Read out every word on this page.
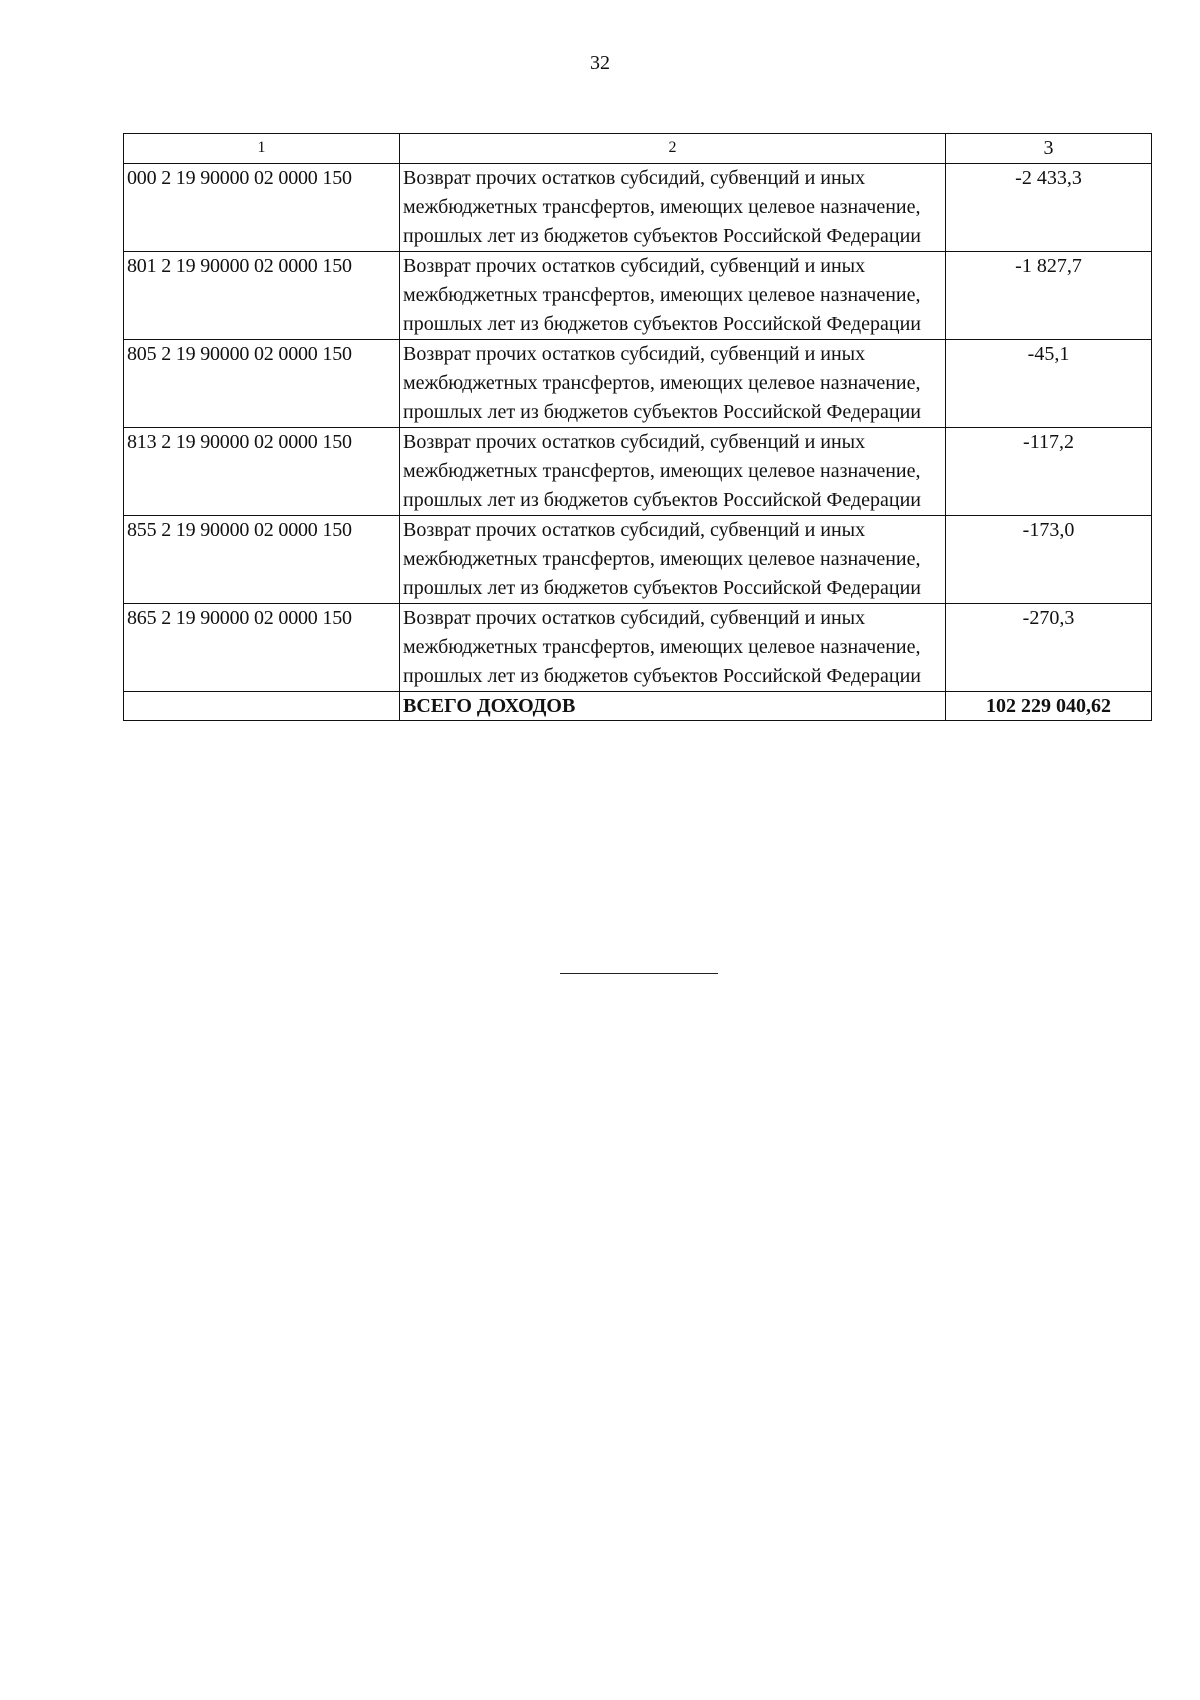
32
1	2	3
000 2 19 90000 02 0000 150	Возврат прочих остатков субсидий, субвенций и иных межбюджетных трансфертов, имеющих целевое назначение, прошлых лет из бюджетов субъектов Российской Федерации	-2 433,3
801 2 19 90000 02 0000 150	Возврат прочих остатков субсидий, субвенций и иных межбюджетных трансфертов, имеющих целевое назначение, прошлых лет из бюджетов субъектов Российской Федерации	-1 827,7
805 2 19 90000 02 0000 150	Возврат прочих остатков субсидий, субвенций и иных межбюджетных трансфертов, имеющих целевое назначение, прошлых лет из бюджетов субъектов Российской Федерации	-45,1
813 2 19 90000 02 0000 150	Возврат прочих остатков субсидий, субвенций и иных межбюджетных трансфертов, имеющих целевое назначение, прошлых лет из бюджетов субъектов Российской Федерации	-117,2
855 2 19 90000 02 0000 150	Возврат прочих остатков субсидий, субвенций и иных межбюджетных трансфертов, имеющих целевое назначение, прошлых лет из бюджетов субъектов Российской Федерации	-173,0
865 2 19 90000 02 0000 150	Возврат прочих остатков субсидий, субвенций и иных межбюджетных трансфертов, имеющих целевое назначение, прошлых лет из бюджетов субъектов Российской Федерации	-270,3
	ВСЕГО ДОХОДОВ	102 229 040,62
